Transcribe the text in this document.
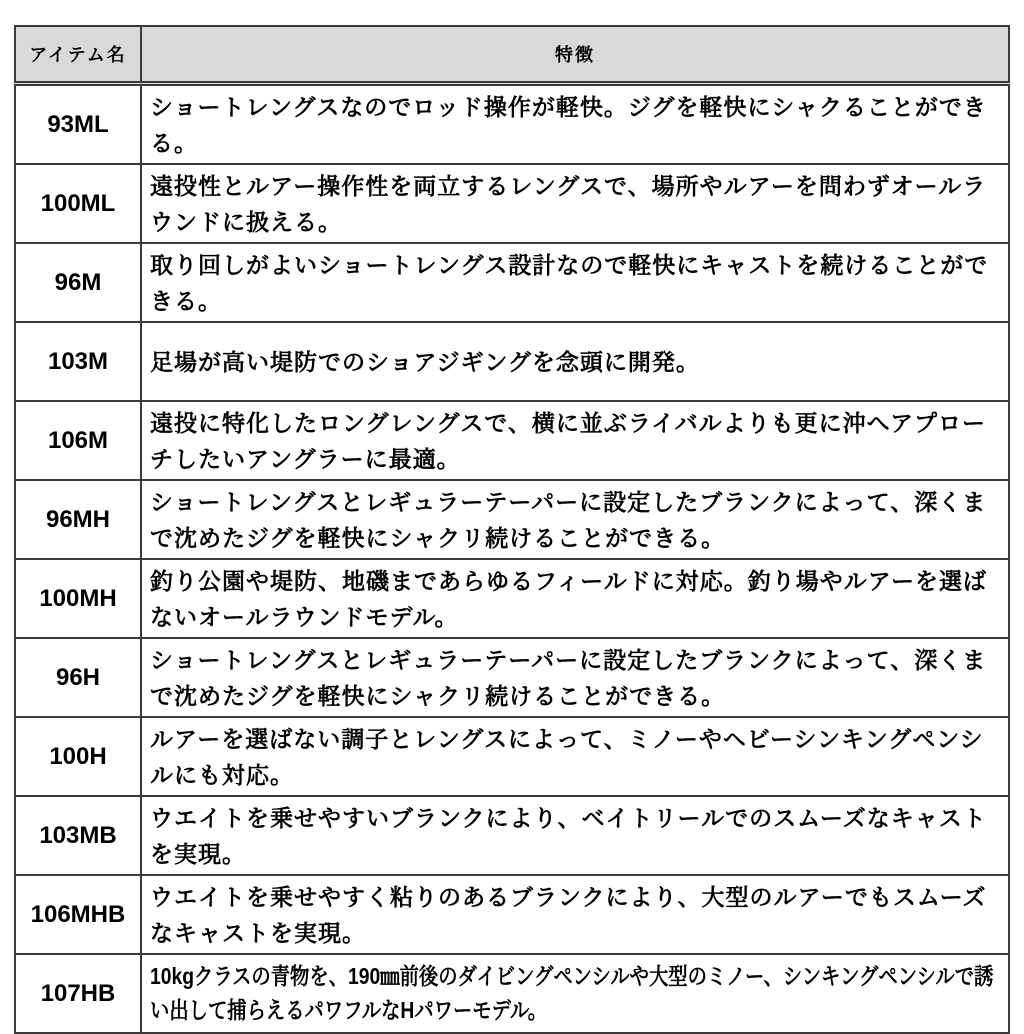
アイテム名	特徴
93ML	ショートレングスなのでロッド操作が軽快。ジグを軽快にシャクることができる。
100ML	遠投性とルアー操作性を両立するレングスで、場所やルアーを問わずオールラウンドに扱える。
96M	取り回しがよいショートレングス設計なので軽快にキャストを続けることができる。
103M	足場が高い堤防でのショアジギングを念頭に開発。
106M	遠投に特化したロングレングスで、横に並ぶライバルよりも更に沖へアプローチしたいアングラーに最適。
96MH	ショートレングスとレギュラーテーパーに設定したブランクによって、深くまで沈めたジグを軽快にシャクリ続けることができる。
100MH	釣り公園や堤防、地磯まであらゆるフィールドに対応。釣り場やルアーを選ばないオールラウンドモデル。
96H	ショートレングスとレギュラーテーパーに設定したブランクによって、深くまで沈めたジグを軽快にシャクリ続けることができる。
100H	ルアーを選ばない調子とレングスによって、ミノーやヘビーシンキングペンシルにも対応。
103MB	ウエイトを乗せやすいブランクにより、ベイトリールでのスムーズなキャストを実現。
106MHB	ウエイトを乗せやすく粘りのあるブランクにより、大型のルアーでもスムーズなキャストを実現。
107HB	10kgクラスの青物を、190㎜前後のダイビングペンシルや大型のミノー、シンキングペンシルで誘い出して捕らえるパワフルなHパワーモデル。
